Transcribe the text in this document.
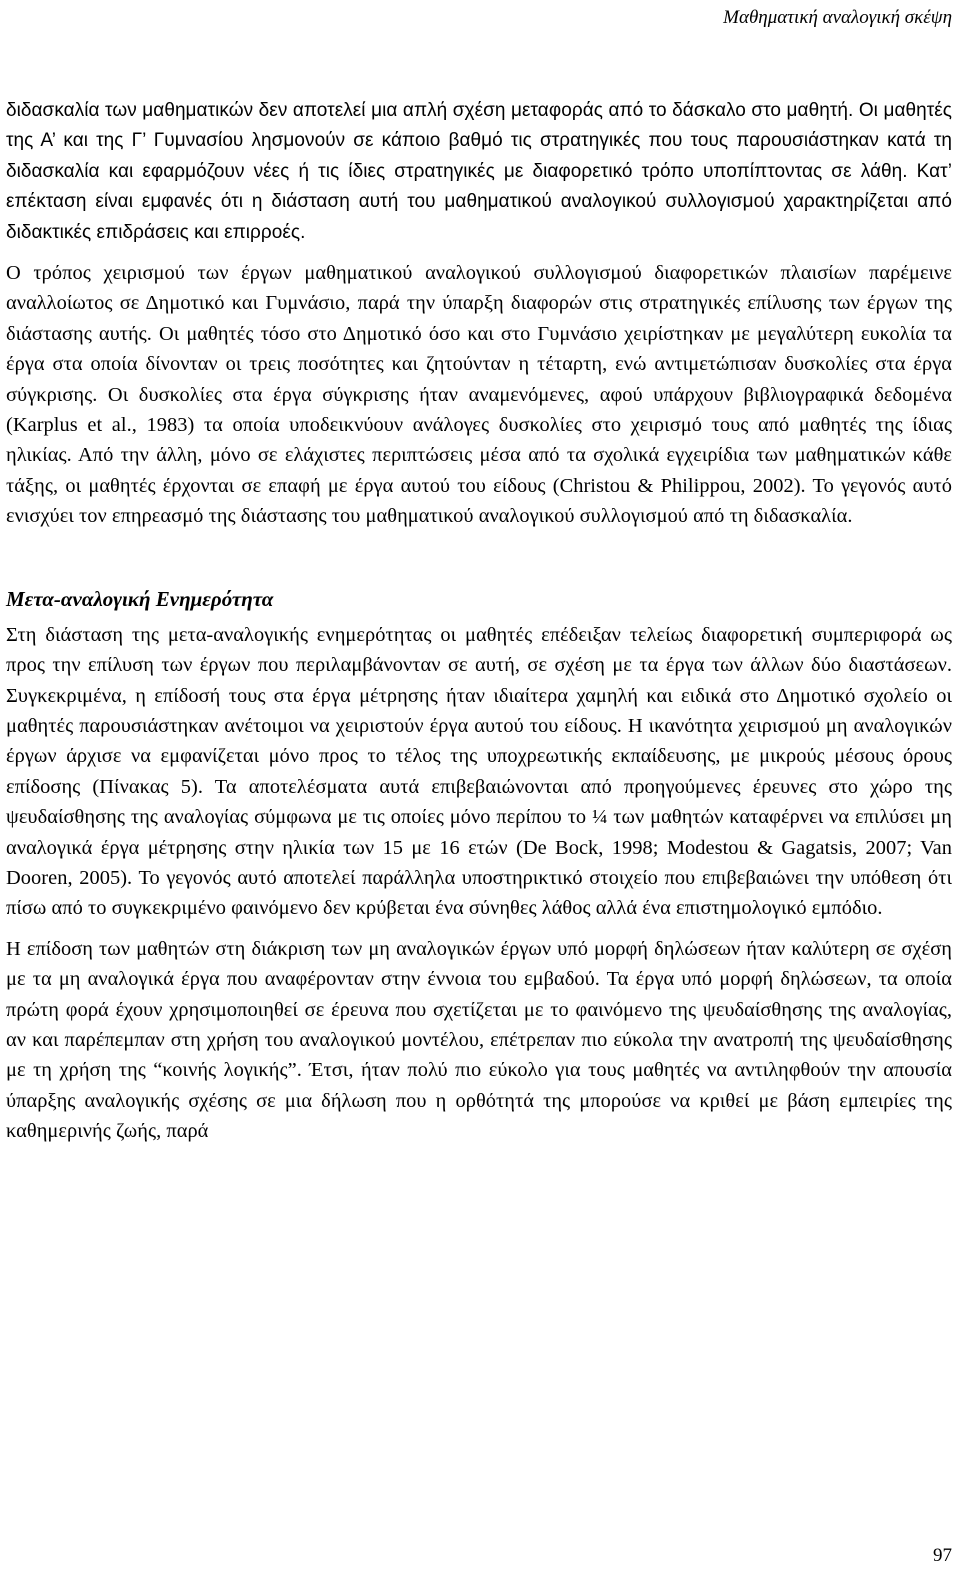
Μαθηματική αναλογική σκέψη

διδασκαλία των μαθηματικών δεν αποτελεί μια απλή σχέση μεταφοράς από το δάσκαλο στο μαθητή. Οι μαθητές της Α’ και της Γ’ Γυμνασίου λησμονούν σε κάποιο βαθμό τις στρατηγικές που τους παρουσιάστηκαν κατά τη διδασκαλία και εφαρμόζουν νέες ή τις ίδιες στρατηγικές με διαφορετικό τρόπο υποπίπτοντας σε λάθη. Κατ’ επέκταση είναι εμφανές ότι η διάσταση αυτή του μαθηματικού αναλογικού συλλογισμού χαρακτηρίζεται από διδακτικές επιδράσεις και επιρροές.

Ο τρόπος χειρισμού των έργων μαθηματικού αναλογικού συλλογισμού διαφορετικών πλαισίων παρέμεινε αναλλοίωτος σε Δημοτικό και Γυμνάσιο, παρά την ύπαρξη διαφορών στις στρατηγικές επίλυσης των έργων της διάστασης αυτής. Οι μαθητές τόσο στο Δημοτικό όσο και στο Γυμνάσιο χειρίστηκαν με μεγαλύτερη ευκολία τα έργα στα οποία δίνονταν οι τρεις ποσότητες και ζητούνταν η τέταρτη, ενώ αντιμετώπισαν δυσκολίες στα έργα σύγκρισης. Οι δυσκολίες στα έργα σύγκρισης ήταν αναμενόμενες, αφού υπάρχουν βιβλιογραφικά δεδομένα (Karplus et al., 1983) τα οποία υποδεικνύουν ανάλογες δυσκολίες στο χειρισμό τους από μαθητές της ίδιας ηλικίας. Από την άλλη, μόνο σε ελάχιστες περιπτώσεις μέσα από τα σχολικά εγχειρίδια των μαθηματικών κάθε τάξης, οι μαθητές έρχονται σε επαφή με έργα αυτού του είδους (Christou & Philippou, 2002). Το γεγονός αυτό ενισχύει τον επηρεασμό της διάστασης του μαθηματικού αναλογικού συλλογισμού από τη διδασκαλία.

Μετα-αναλογική Ενημερότητα

Στη διάσταση της μετα-αναλογικής ενημερότητας οι μαθητές επέδειξαν τελείως διαφορετική συμπεριφορά ως προς την επίλυση των έργων που περιλαμβάνονταν σε αυτή, σε σχέση με τα έργα των άλλων δύο διαστάσεων. Συγκεκριμένα, η επίδοσή τους στα έργα μέτρησης ήταν ιδιαίτερα χαμηλή και ειδικά στο Δημοτικό σχολείο οι μαθητές παρουσιάστηκαν ανέτοιμοι να χειριστούν έργα αυτού του είδους. Η ικανότητα χειρισμού μη αναλογικών έργων άρχισε να εμφανίζεται μόνο προς το τέλος της υποχρεωτικής εκπαίδευσης, με μικρούς μέσους όρους επίδοσης (Πίνακας 5). Τα αποτελέσματα αυτά επιβεβαιώνονται από προηγούμενες έρευνες στο χώρο της ψευδαίσθησης της αναλογίας σύμφωνα με τις οποίες μόνο περίπου το ¼ των μαθητών καταφέρνει να επιλύσει μη αναλογικά έργα μέτρησης στην ηλικία των 15 με 16 ετών (De Bock, 1998; Modestou & Gagatsis, 2007; Van Dooren, 2005). Το γεγονός αυτό αποτελεί παράλληλα υποστηρικτικό στοιχείο που επιβεβαιώνει την υπόθεση ότι πίσω από το συγκεκριμένο φαινόμενο δεν κρύβεται ένα σύνηθες λάθος αλλά ένα επιστημολογικό εμπόδιο.

Η επίδοση των μαθητών στη διάκριση των μη αναλογικών έργων υπό μορφή δηλώσεων ήταν καλύτερη σε σχέση με τα μη αναλογικά έργα που αναφέρονταν στην έννοια του εμβαδού. Τα έργα υπό μορφή δηλώσεων, τα οποία πρώτη φορά έχουν χρησιμοποιηθεί σε έρευνα που σχετίζεται με το φαινόμενο της ψευδαίσθησης της αναλογίας, αν και παρέπεμπαν στη χρήση του αναλογικού μοντέλου, επέτρεπαν πιο εύκολα την ανατροπή της ψευδαίσθησης με τη χρήση της “κοινής λογικής”. Έτσι, ήταν πολύ πιο εύκολο για τους μαθητές να αντιληφθούν την απουσία ύπαρξης αναλογικής σχέσης σε μια δήλωση που η ορθότητά της μπορούσε να κριθεί με βάση εμπειρίες της καθημερινής ζωής, παρά

97
